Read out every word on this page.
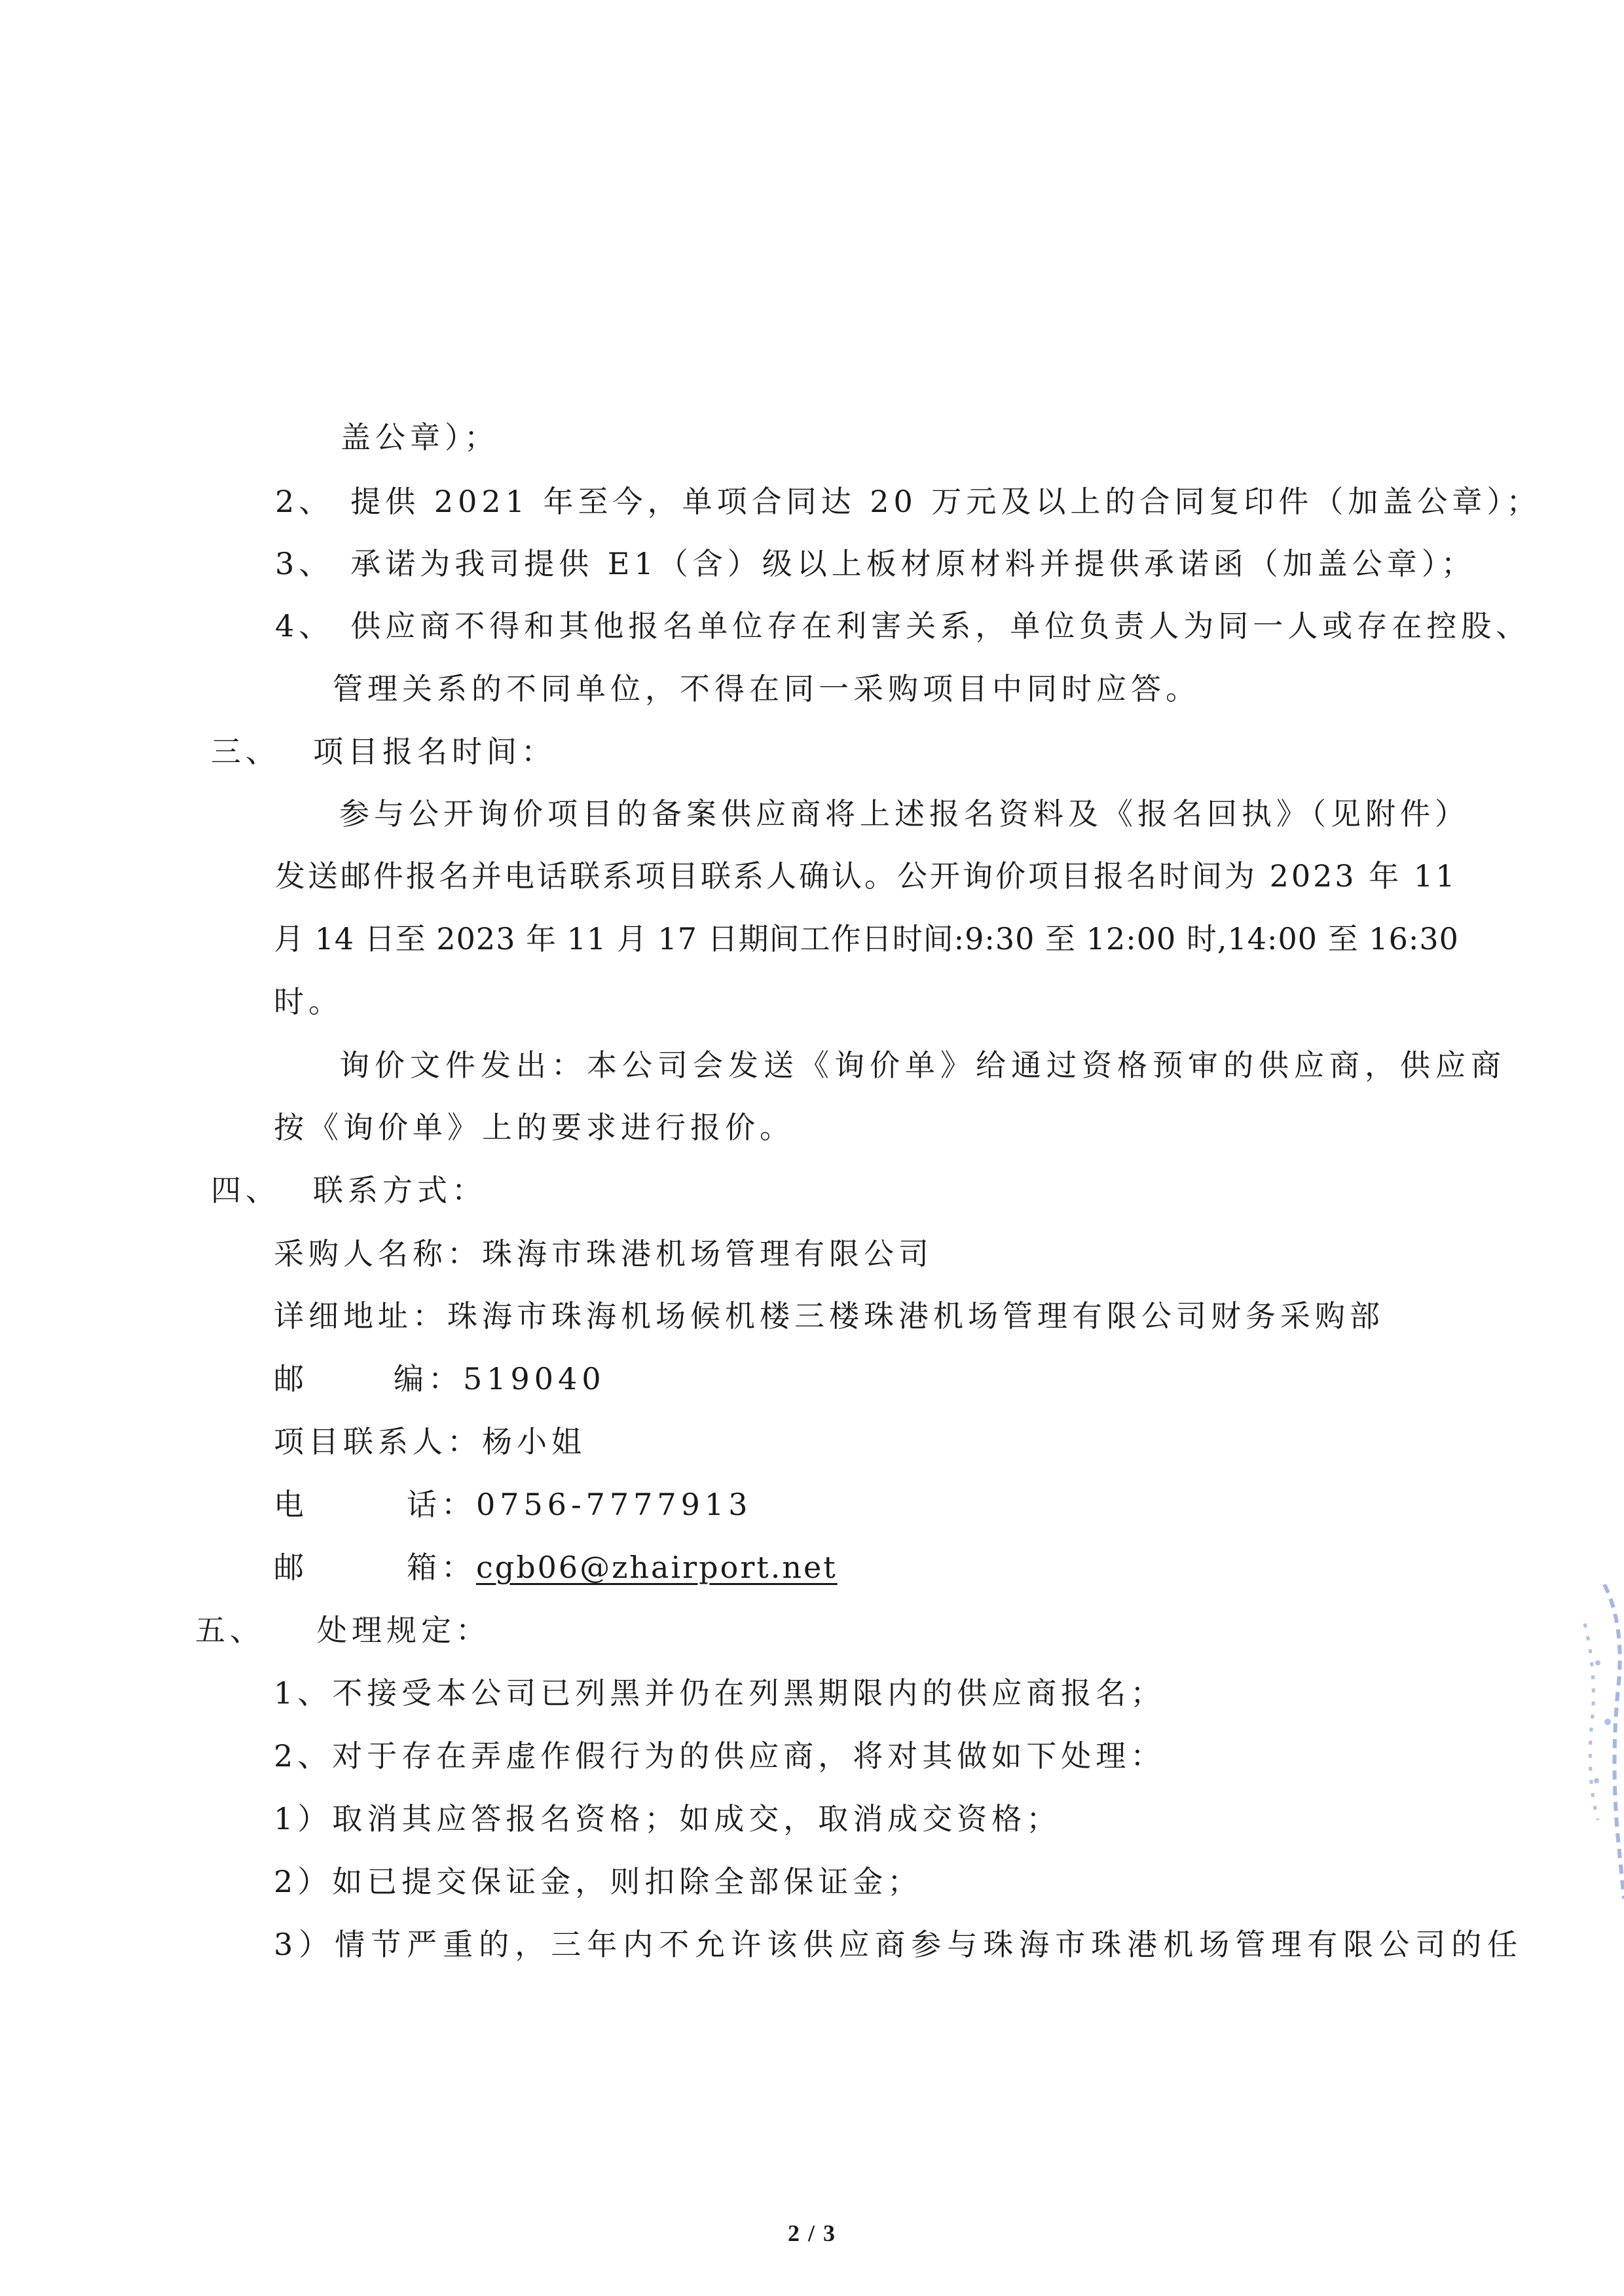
盖公章）；
2、 提供 2021 年至今，单项合同达 20 万元及以上的合同复印件（加盖公章）；
3、 承诺为我司提供 E1（含）级以上板材原材料并提供承诺函（加盖公章）；
4、 供应商不得和其他报名单位存在利害关系，单位负责人为同一人或存在控股、
管理关系的不同单位，不得在同一采购项目中同时应答。
三、 项目报名时间：
参与公开询价项目的备案供应商将上述报名资料及《报名回执》（见附件）
发送邮件报名并电话联系项目联系人确认。公开询价项目报名时间为 2023 年 11
月 14 日至 2023 年 11 月 17 日期间工作日时间:9:30 至 12:00 时,14:00 至 16:30
时。
询价文件发出：本公司会发送《询价单》给通过资格预审的供应商，供应商
按《询价单》上的要求进行报价。
四、 联系方式：
采购人名称：珠海市珠港机场管理有限公司
详细地址：珠海市珠海机场候机楼三楼珠港机场管理有限公司财务采购部
邮	编：519040
项目联系人：杨小姐
电	话：0756-7777913
邮	箱：cgb06@zhairport.net
五、 处理规定：
1、不接受本公司已列黑并仍在列黑期限内的供应商报名；
2、对于存在弄虚作假行为的供应商，将对其做如下处理：
1）取消其应答报名资格；如成交，取消成交资格；
2）如已提交保证金，则扣除全部保证金；
3）情节严重的，三年内不允许该供应商参与珠海市珠港机场管理有限公司的任
2 / 3
